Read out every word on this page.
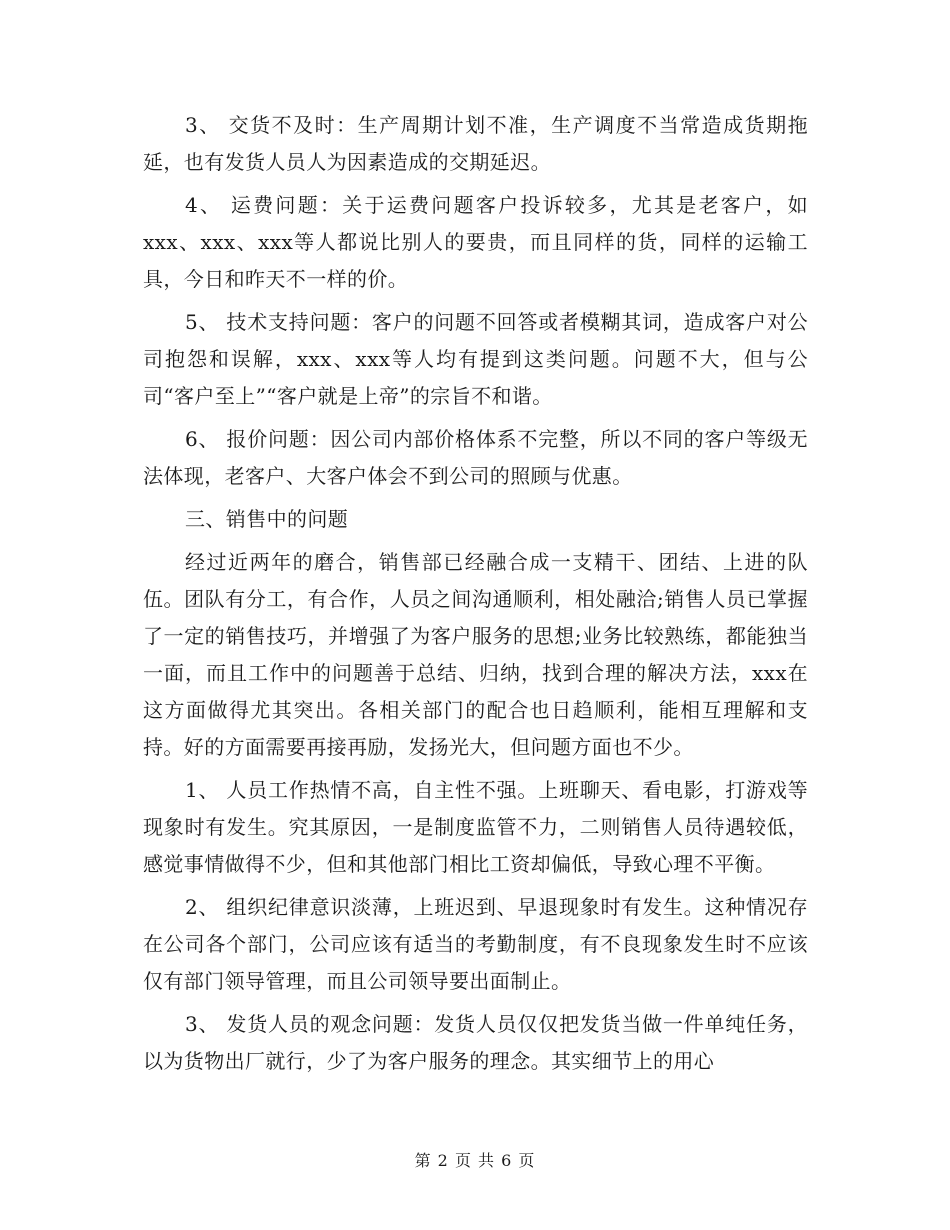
3、 交货不及时：生产周期计划不准，生产调度不当常造成货期拖延，也有发货人员人为因素造成的交期延迟。

4、 运费问题：关于运费问题客户投诉较多，尤其是老客户，如xxx、xxx、xxx等人都说比别人的要贵，而且同样的货，同样的运输工具，今日和昨天不一样的价。

5、 技术支持问题：客户的问题不回答或者模糊其词，造成客户对公司抱怨和误解，xxx、xxx等人均有提到这类问题。问题不大，但与公司“客户至上”“客户就是上帝”的宗旨不和谐。

6、 报价问题：因公司内部价格体系不完整，所以不同的客户等级无法体现，老客户、大客户体会不到公司的照顾与优惠。

三、销售中的问题

经过近两年的磨合，销售部已经融合成一支精干、团结、上进的队伍。团队有分工，有合作，人员之间沟通顺利，相处融洽;销售人员已掌握了一定的销售技巧，并增强了为客户服务的思想;业务比较熟练，都能独当一面，而且工作中的问题善于总结、归纳，找到合理的解决方法，xxx在这方面做得尤其突出。各相关部门的配合也日趋顺利，能相互理解和支持。好的方面需要再接再励，发扬光大，但问题方面也不少。

1、 人员工作热情不高，自主性不强。上班聊天、看电影，打游戏等现象时有发生。究其原因，一是制度监管不力，二则销售人员待遇较低，感觉事情做得不少，但和其他部门相比工资却偏低，导致心理不平衡。

2、 组织纪律意识淡薄，上班迟到、早退现象时有发生。这种情况存在公司各个部门，公司应该有适当的考勤制度，有不良现象发生时不应该仅有部门领导管理，而且公司领导要出面制止。

3、 发货人员的观念问题：发货人员仅仅把发货当做一件单纯任务，以为货物出厂就行，少了为客户服务的理念。其实细节上的用心

第 2 页 共 6 页
